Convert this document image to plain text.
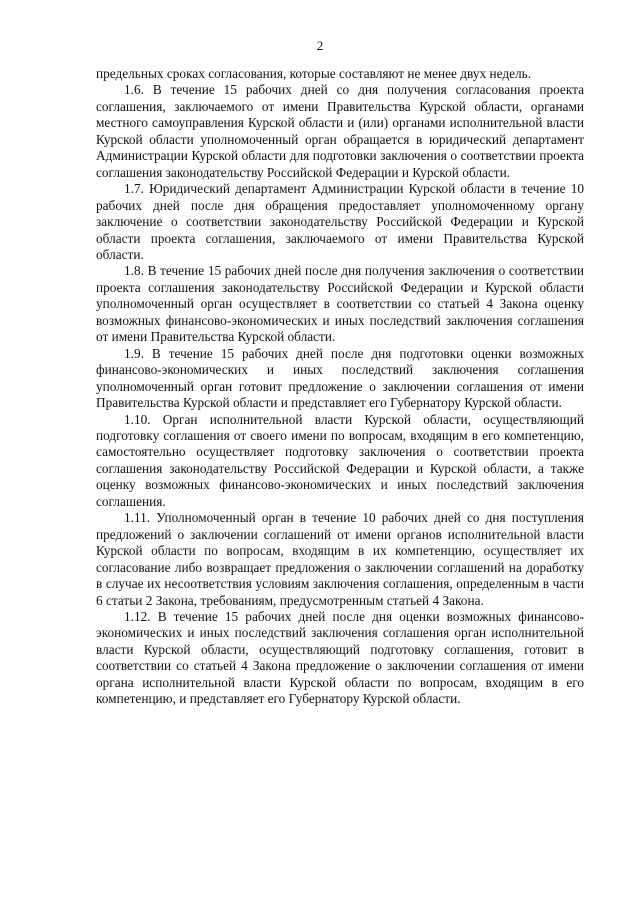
2

предельных сроках согласования, которые составляют не менее двух недель.

1.6. В течение 15 рабочих дней со дня получения согласования проекта соглашения, заключаемого от имени Правительства Курской области, органами местного самоуправления Курской области и (или) органами исполнительной власти Курской области уполномоченный орган обращается в юридический департамент Администрации Курской области для подготовки заключения о соответствии проекта соглашения законодательству Российской Федерации и Курской области.

1.7. Юридический департамент Администрации Курской области в течение 10 рабочих дней после дня обращения предоставляет уполномоченному органу заключение о соответствии законодательству Российской Федерации и Курской области проекта соглашения, заключаемого от имени Правительства Курской области.

1.8. В течение 15 рабочих дней после дня получения заключения о соответствии проекта соглашения законодательству Российской Федерации и Курской области уполномоченный орган осуществляет в соответствии со статьей 4 Закона оценку возможных финансово-экономических и иных последствий заключения соглашения от имени Правительства Курской области.

1.9. В течение 15 рабочих дней после дня подготовки оценки возможных финансово-экономических и иных последствий заключения соглашения уполномоченный орган готовит предложение о заключении соглашения от имени Правительства Курской области и представляет его Губернатору Курской области.

1.10. Орган исполнительной власти Курской области, осуществляющий подготовку соглашения от своего имени по вопросам, входящим в его компетенцию, самостоятельно осуществляет подготовку заключения о соответствии проекта соглашения законодательству Российской Федерации и Курской области, а также оценку возможных финансово-экономических и иных последствий заключения соглашения.

1.11. Уполномоченный орган в течение 10 рабочих дней со дня поступления предложений о заключении соглашений от имени органов исполнительной власти Курской области по вопросам, входящим в их компетенцию, осуществляет их согласование либо возвращает предложения о заключении соглашений на доработку в случае их несоответствия условиям заключения соглашения, определенным в части 6 статьи 2 Закона, требованиям, предусмотренным статьей 4 Закона.

1.12. В течение 15 рабочих дней после дня оценки возможных финансово-экономических и иных последствий заключения соглашения орган исполнительной власти Курской области, осуществляющий подготовку соглашения, готовит в соответствии со статьей 4 Закона предложение о заключении соглашения от имени органа исполнительной власти Курской области по вопросам, входящим в его компетенцию, и представляет его Губернатору Курской области.
